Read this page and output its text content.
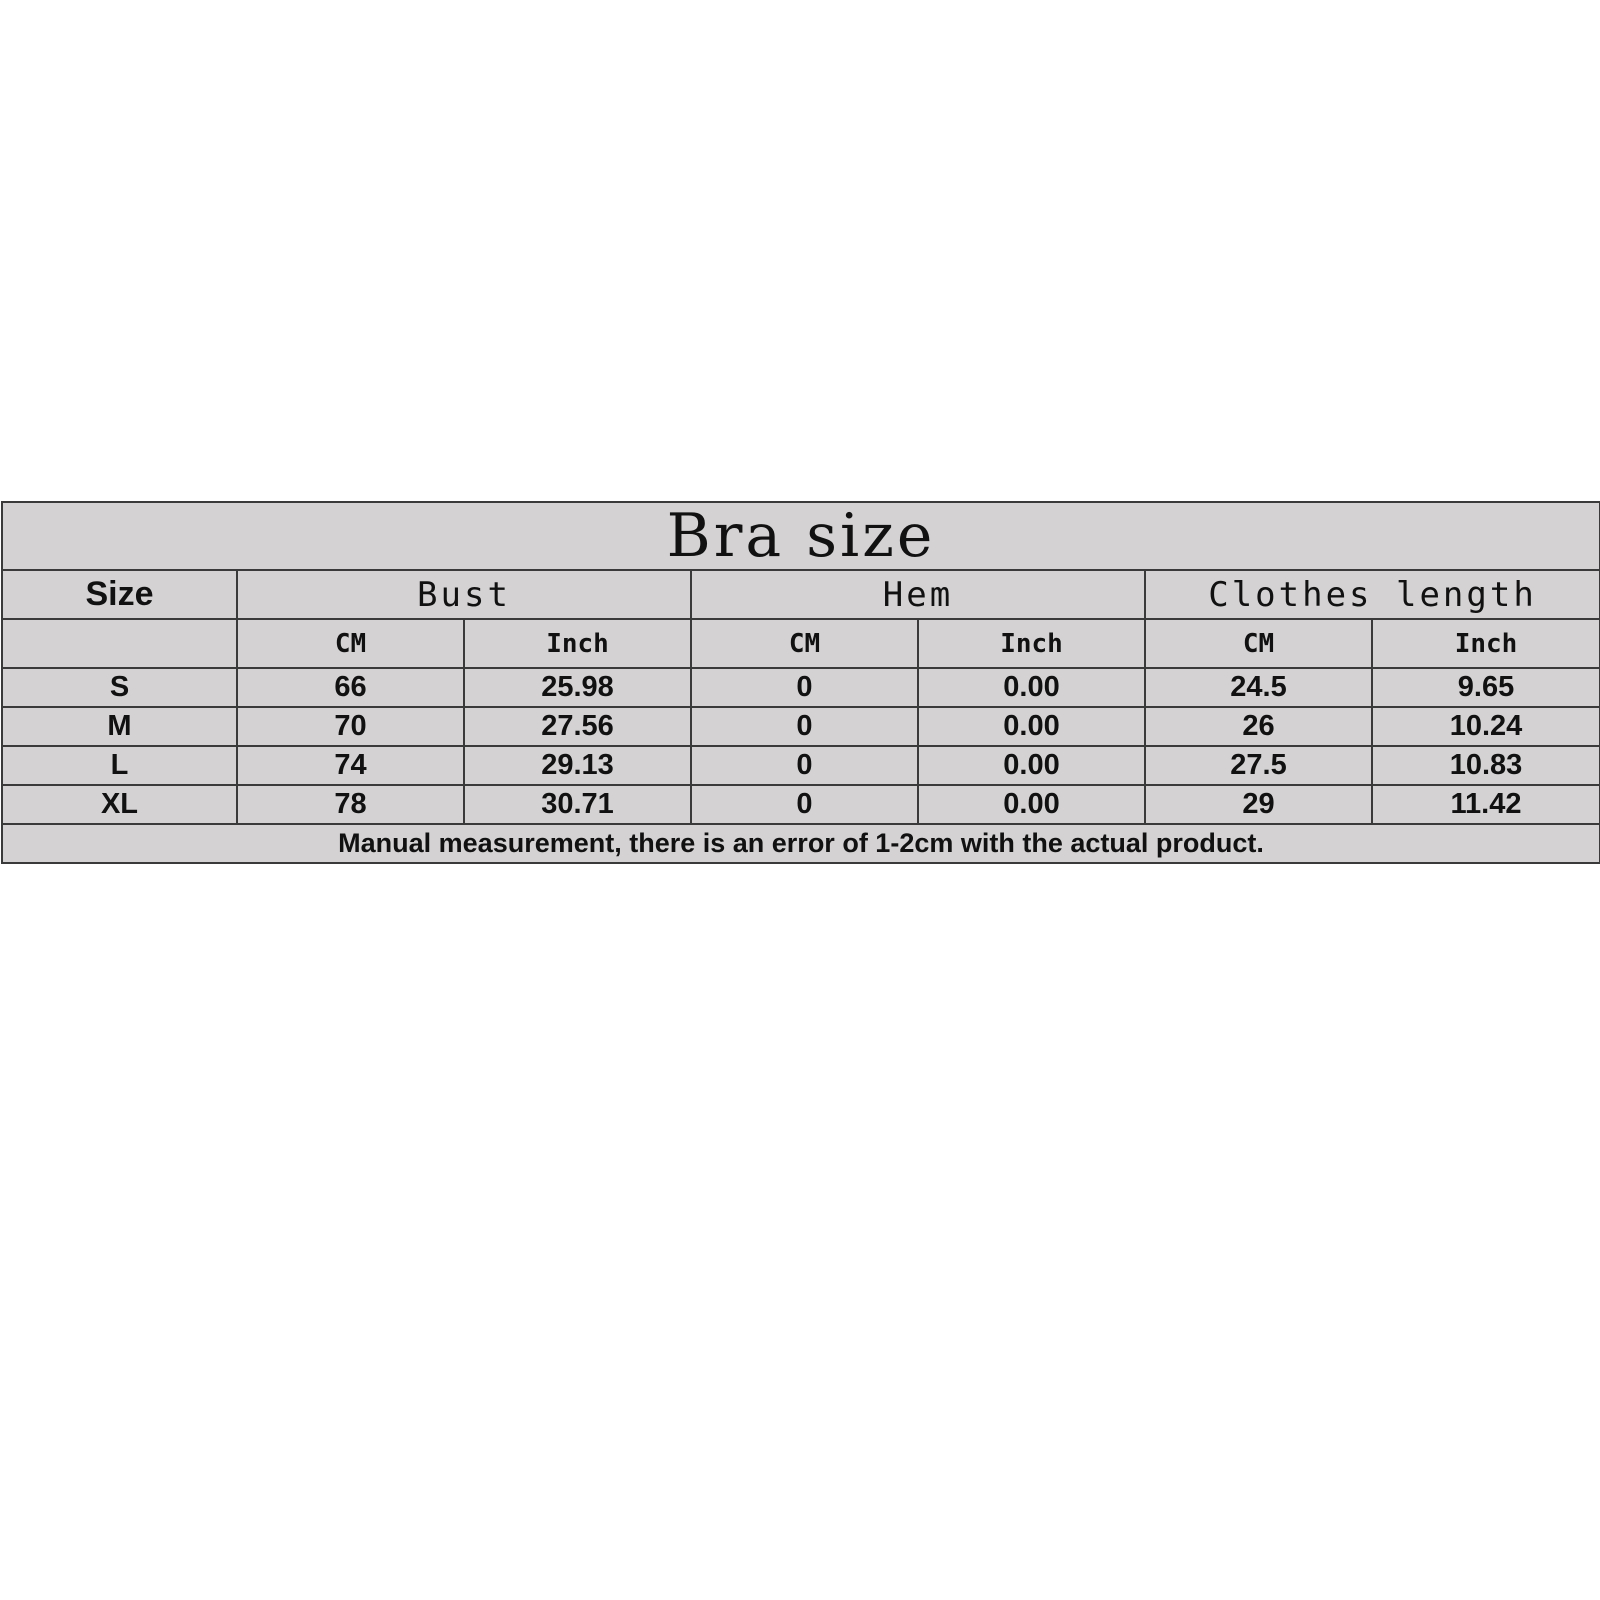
Bra size						

Size	Bust		Hem		Clothes length	
	CM	Inch	CM	Inch	CM	Inch
S	66	25.98	0	0.00	24.5	9.65
M	70	27.56	0	0.00	26	10.24
L	74	29.13	0	0.00	27.5	10.83
XL	78	30.71	0	0.00	29	11.42
Manual measurement, there is an error of 1-2cm with the actual product.						
